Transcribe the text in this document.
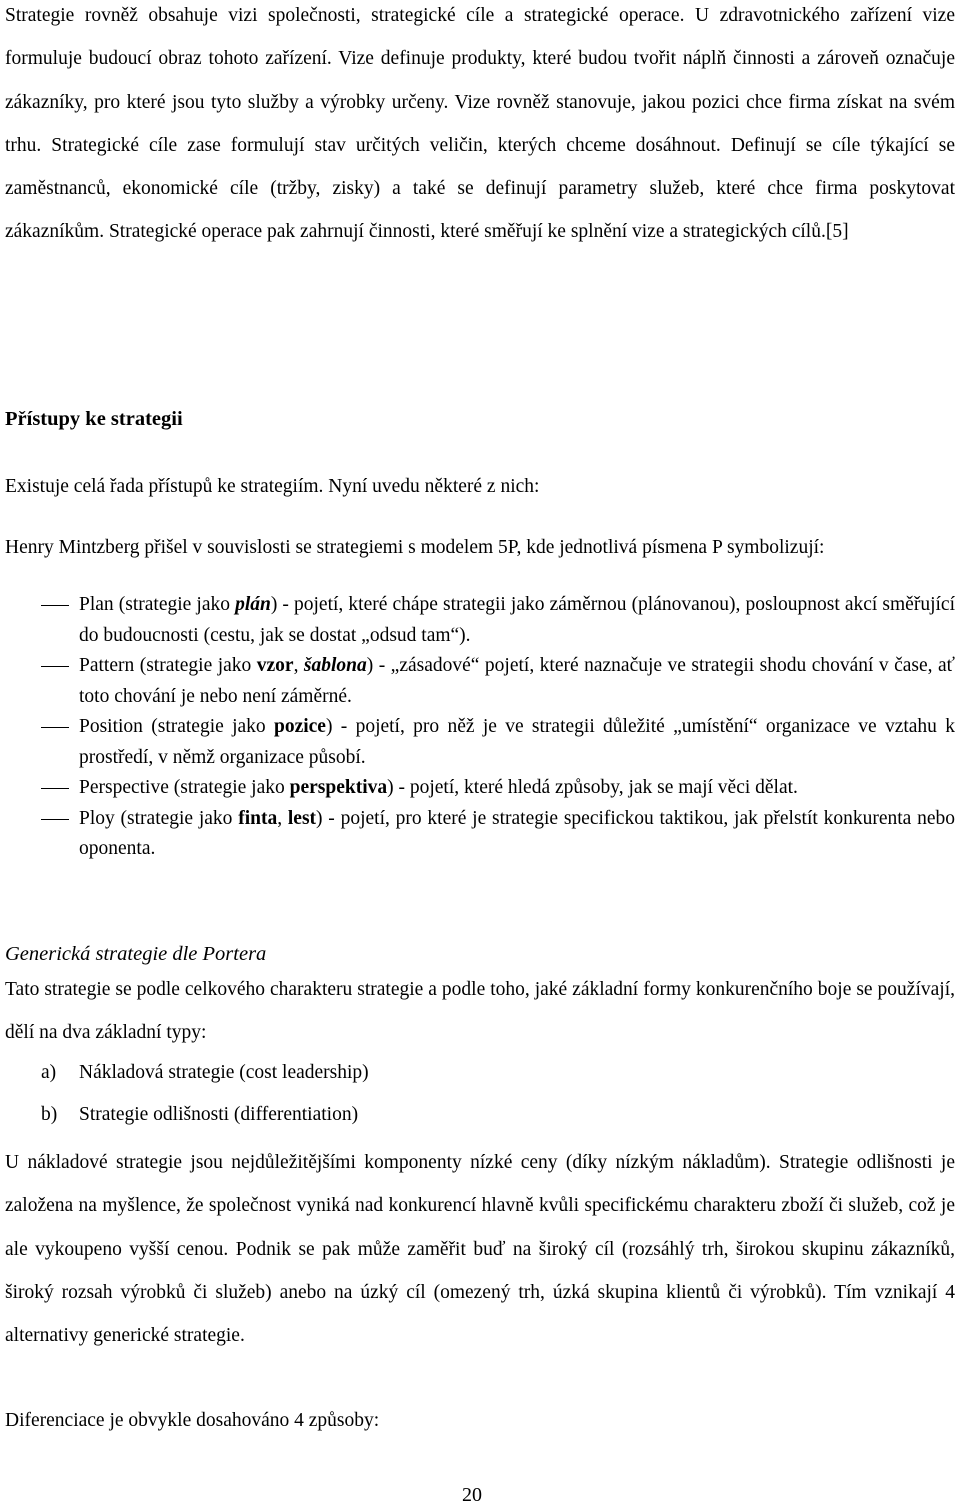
Strategie rovněž obsahuje vizi společnosti, strategické cíle a strategické operace. U zdravotnického zařízení vize formuluje budoucí obraz tohoto zařízení. Vize definuje produkty, které budou tvořit náplň činnosti a zároveň označuje zákazníky, pro které jsou tyto služby a výrobky určeny. Vize rovněž stanovuje, jakou pozici chce firma získat na svém trhu. Strategické cíle zase formulují stav určitých veličin, kterých chceme dosáhnout. Definují se cíle týkající se zaměstnanců, ekonomické cíle (tržby, zisky) a také se definují parametry služeb, které chce firma poskytovat zákazníkům. Strategické operace pak zahrnují činnosti, které směřují ke splnění vize a strategických cílů.[5]
Přístupy ke strategii
Existuje celá řada přístupů ke strategiím. Nyní uvedu některé z nich:
Henry Mintzberg přišel v souvislosti se strategiemi s modelem 5P, kde jednotlivá písmena P symbolizují:
Plan (strategie jako plán) - pojetí, které chápe strategii jako záměrnou (plánovanou), posloupnost akcí směřující do budoucnosti (cestu, jak se dostat „odsud tam“).
Pattern (strategie jako vzor, šablona) - „zásadové“ pojetí, které naznačuje ve strategii shodu chování v čase, ať toto chování je nebo není záměrné.
Position (strategie jako pozice) - pojetí, pro něž je ve strategii důležité „umístění“ organizace ve vztahu k prostředí, v němž organizace působí.
Perspective (strategie jako perspektiva) - pojetí, které hledá způsoby, jak se mají věci dělat.
Ploy (strategie jako finta, lest) - pojetí, pro které je strategie specifickou taktikou, jak přelstít konkurenta nebo oponenta.
Generická strategie dle Portera
Tato strategie se podle celkového charakteru strategie a podle toho, jaké základní formy konkurenčního boje se používají, dělí na dva základní typy:
a) Nákladová strategie (cost leadership)
b) Strategie odlišnosti (differentiation)
U nákladové strategie jsou nejdůležitějšími komponenty nízké ceny (díky nízkým nákladům). Strategie odlišnosti je založena na myšlence, že společnost vyniká nad konkurencí hlavně kvůli specifickému charakteru zboží či služeb, což je ale vykoupeno vyšší cenou. Podnik se pak může zaměřit buď na široký cíl (rozsáhlý trh, širokou skupinu zákazníků, široký rozsah výrobků či služeb) anebo na úzký cíl (omezený trh, úzká skupina klientů či výrobků). Tím vznikají 4 alternativy generické strategie.
Diferenciace je obvykle dosahováno 4 způsoby:
20
